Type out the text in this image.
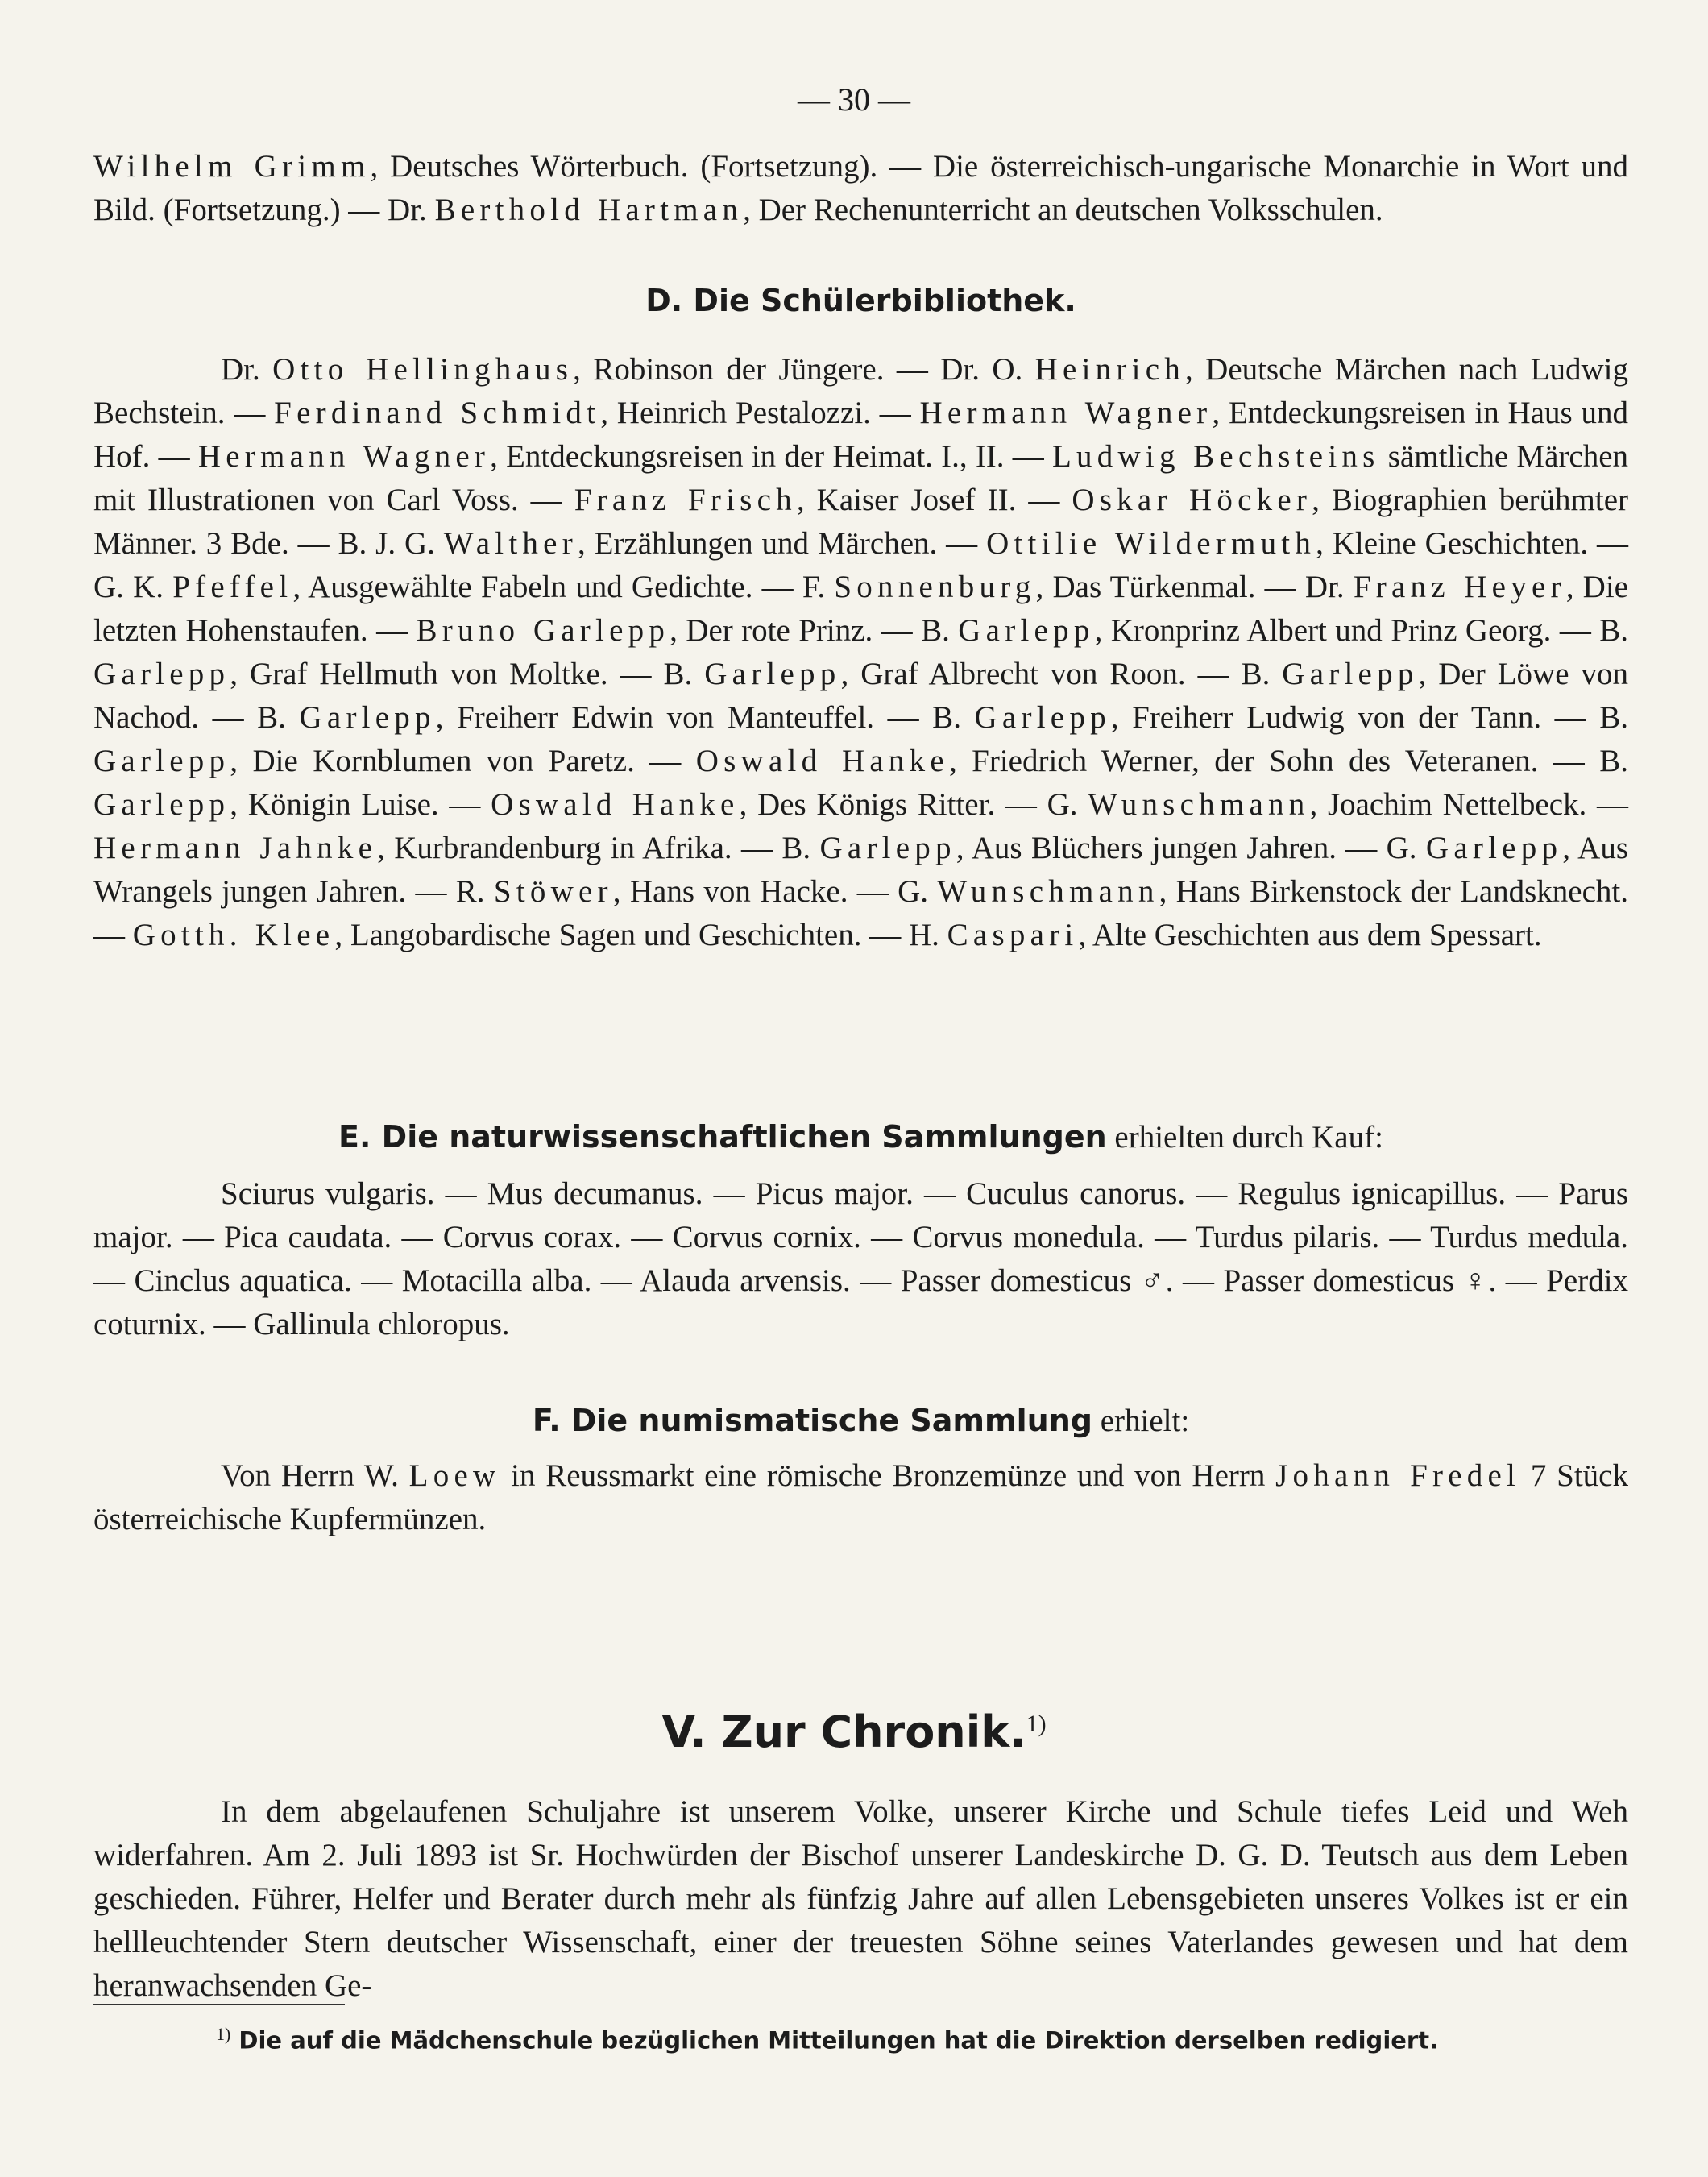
— 30 —

Wilhelm Grimm, Deutsches Wörterbuch. (Fortsetzung). — Die österreichisch-ungarische Monarchie in Wort und Bild. (Fortsetzung.) — Dr. Berthold Hartman, Der Rechenunterricht an deutschen Volksschulen.

D. Die Schülerbibliothek.

Dr. Otto Hellinghaus, Robinson der Jüngere. — Dr. O. Heinrich, Deutsche Märchen nach Ludwig Bechstein. — Ferdinand Schmidt, Heinrich Pestalozzi. — Hermann Wagner, Entdeckungsreisen in Haus und Hof. — Hermann Wagner, Entdeckungsreisen in der Heimat. I., II. — Ludwig Bechsteins sämtliche Märchen mit Illustrationen von Carl Voss. — Franz Frisch, Kaiser Josef II. — Oskar Höcker, Biographien berühmter Männer. 3 Bde. — B. J. G. Walther, Erzählungen und Märchen. — Ottilie Wildermuth, Kleine Geschichten. — G. K. Pfeffel, Ausgewählte Fabeln und Gedichte. — F. Sonnenburg, Das Türkenmal. — Dr. Franz Heyer, Die letzten Hohenstaufen. — Bruno Garlepp, Der rote Prinz. — B. Garlepp, Kronprinz Albert und Prinz Georg. — B. Garlepp, Graf Hellmuth von Moltke. — B. Garlepp, Graf Albrecht von Roon. — B. Garlepp, Der Löwe von Nachod. — B. Garlepp, Freiherr Edwin von Manteuffel. — B. Garlepp, Freiherr Ludwig von der Tann. — B. Garlepp, Die Kornblumen von Paretz. — Oswald Hanke, Friedrich Werner, der Sohn des Veteranen. — B. Garlepp, Königin Luise. — Oswald Hanke, Des Königs Ritter. — G. Wunschmann, Joachim Nettelbeck. — Hermann Jahnke, Kurbrandenburg in Afrika. — B. Garlepp, Aus Blüchers jungen Jahren. — G. Garlepp, Aus Wrangels jungen Jahren. — R. Stöwer, Hans von Hacke. — G. Wunschmann, Hans Birkenstock der Landsknecht. — Gotth. Klee, Langobardische Sagen und Geschichten. — H. Caspari, Alte Geschichten aus dem Spessart.

E. Die naturwissenschaftlichen Sammlungen erhielten durch Kauf:

Sciurus vulgaris. — Mus decumanus. — Picus major. — Cuculus canorus. — Regulus ignicapillus. — Parus major. — Pica caudata. — Corvus corax. — Corvus cornix. — Corvus monedula. — Turdus pilaris. — Turdus medula. — Cinclus aquatica. — Motacilla alba. — Alauda arvensis. — Passer domesticus ♂. — Passer domesticus ♀. — Perdix coturnix. — Gallinula chloropus.

F. Die numismatische Sammlung erhielt:

Von Herrn W. Loew in Reussmarkt eine römische Bronzemünze und von Herrn Johann Fredel 7 Stück österreichische Kupfermünzen.

V. Zur Chronik.$^{1)}$

In dem abgelaufenen Schuljahre ist unserem Volke, unserer Kirche und Schule tiefes Leid und Weh widerfahren. Am 2. Juli 1893 ist Sr. Hochwürden der Bischof unserer Landeskirche D. G. D. Teutsch aus dem Leben geschieden. Führer, Helfer und Berater durch mehr als fünfzig Jahre auf allen Lebensgebieten unseres Volkes ist er ein hellleuchtender Stern deutscher Wissenschaft, einer der treuesten Söhne seines Vaterlandes gewesen und hat dem heranwachsenden Ge-

$^{1)}$ Die auf die Mädchenschule bezüglichen Mitteilungen hat die Direktion derselben redigiert.
